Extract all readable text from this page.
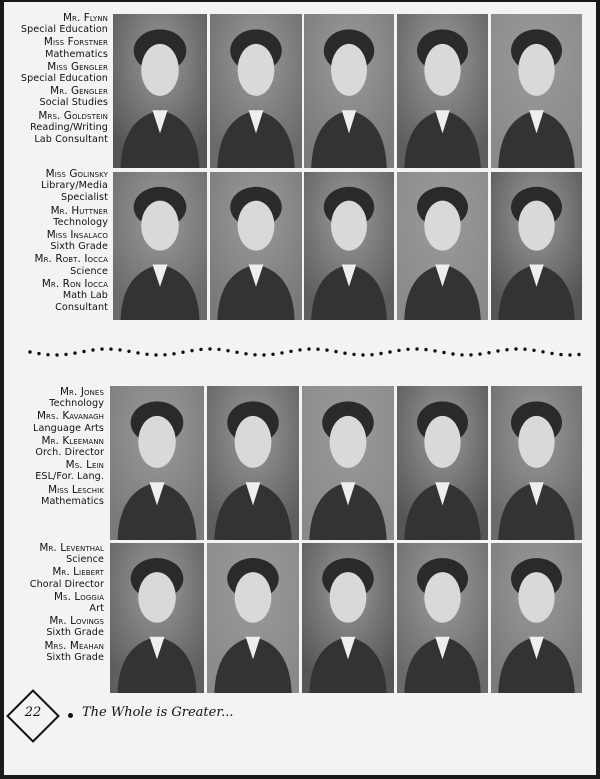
Mr. Flynn
Special Education
Miss Forstner
Mathematics
Miss Gengler
Special Education
Mr. Gengler
Social Studies
Mrs. Goldstein
Reading/Writing
Lab Consultant
Miss Golinsky
Library/Media
Specialist
Mr. Huttner
Technology
Miss Insalaco
Sixth Grade
Mr. Robt. Iocca
Science
Mr. Ron Iocca
Math Lab
Consultant
Mr. Jones
Technology
Mrs. Kavanagh
Language Arts
Mr. Kleemann
Orch. Director
Ms. Lein
ESL/For. Lang.
Miss Leschik
Mathematics
Mr. Leventhal
Science
Mr. Liebert
Choral Director
Ms. Loggia
Art
Mr. Lovings
Sixth Grade
Mrs. Meahan
Sixth Grade
22	The Whole is Greater...
